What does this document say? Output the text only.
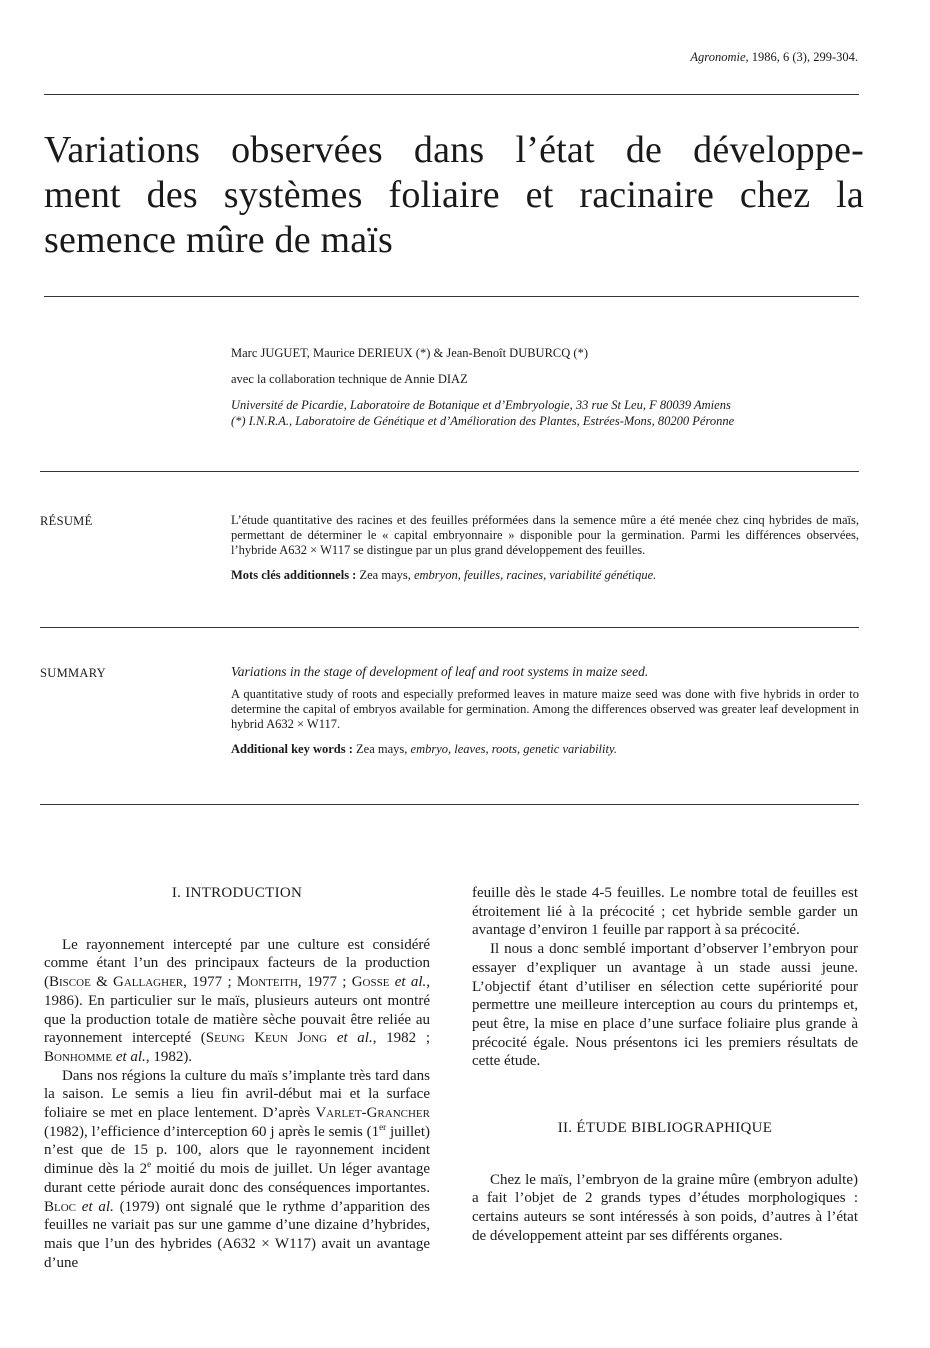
Agronomie, 1986, 6 (3), 299-304.
Variations observées dans l’état de développe-
ment des systèmes foliaire et racinaire chez la
semence mûre de maïs
Marc JUGUET, Maurice DERIEUX (*) & Jean-Benoît DUBURCQ (*)
avec la collaboration technique de Annie DIAZ
Université de Picardie, Laboratoire de Botanique et d’Embryologie, 33 rue St Leu, F 80039 Amiens
(*) I.N.R.A., Laboratoire de Génétique et d’Amélioration des Plantes, Estrées-Mons, 80200 Péronne
RÉSUMÉ	L’étude quantitative des racines et des feuilles préformées dans la semence mûre a été menée chez cinq hybrides de maïs, permettant de déterminer le « capital embryonnaire » disponible pour la germination. Parmi les différences observées, l’hybride A632 × W117 se distingue par un plus grand développement des feuilles.
Mots clés additionnels : Zea mays, embryon, feuilles, racines, variabilité génétique.
SUMMARY	Variations in the stage of development of leaf and root systems in maize seed.
A quantitative study of roots and especially preformed leaves in mature maize seed was done with five hybrids in order to determine the capital of embryos available for germination. Among the differences observed was greater leaf development in hybrid A632 × W117.
Additional key words : Zea mays, embryo, leaves, roots, genetic variability.
I. INTRODUCTION

Le rayonnement intercepté par une culture est considéré comme étant l’un des principaux facteurs de la production (Biscoe & Gallagher, 1977 ; Monteith, 1977 ; Gosse et al., 1986). En particulier sur le maïs, plusieurs auteurs ont montré que la production totale de matière sèche pouvait être reliée au rayonnement intercepté (Seung Keun Jong et al., 1982 ; Bonhomme et al., 1982).

Dans nos régions la culture du maïs s’implante très tard dans la saison. Le semis a lieu fin avril-début mai et la surface foliaire se met en place lentement. D’après Varlet-Grancher (1982), l’efficience d’interception 60 j après le semis (1er juillet) n’est que de 15 p. 100, alors que le rayonnement incident diminue dès la 2e moitié du mois de juillet. Un léger avantage durant cette période aurait donc des conséquences importantes. Bloc et al. (1979) ont signalé que le rythme d’apparition des feuilles ne variait pas sur une gamme d’une dizaine d’hybrides, mais que l’un des hybrides (A632 × W117) avait un avantage d’une

feuille dès le stade 4-5 feuilles. Le nombre total de feuilles est étroitement lié à la précocité ; cet hybride semble garder un avantage d’environ 1 feuille par rapport à sa précocité.

Il nous a donc semblé important d’observer l’embryon pour essayer d’expliquer un avantage à un stade aussi jeune. L’objectif étant d’utiliser en sélection cette supériorité pour permettre une meilleure interception au cours du printemps et, peut être, la mise en place d’une surface foliaire plus grande à précocité égale. Nous présentons ici les premiers résultats de cette étude.

II. ÉTUDE BIBLIOGRAPHIQUE

Chez le maïs, l’embryon de la graine mûre (embryon adulte) a fait l’objet de 2 grands types d’études morphologiques : certains auteurs se sont intéressés à son poids, d’autres à l’état de développement atteint par ses différents organes.
